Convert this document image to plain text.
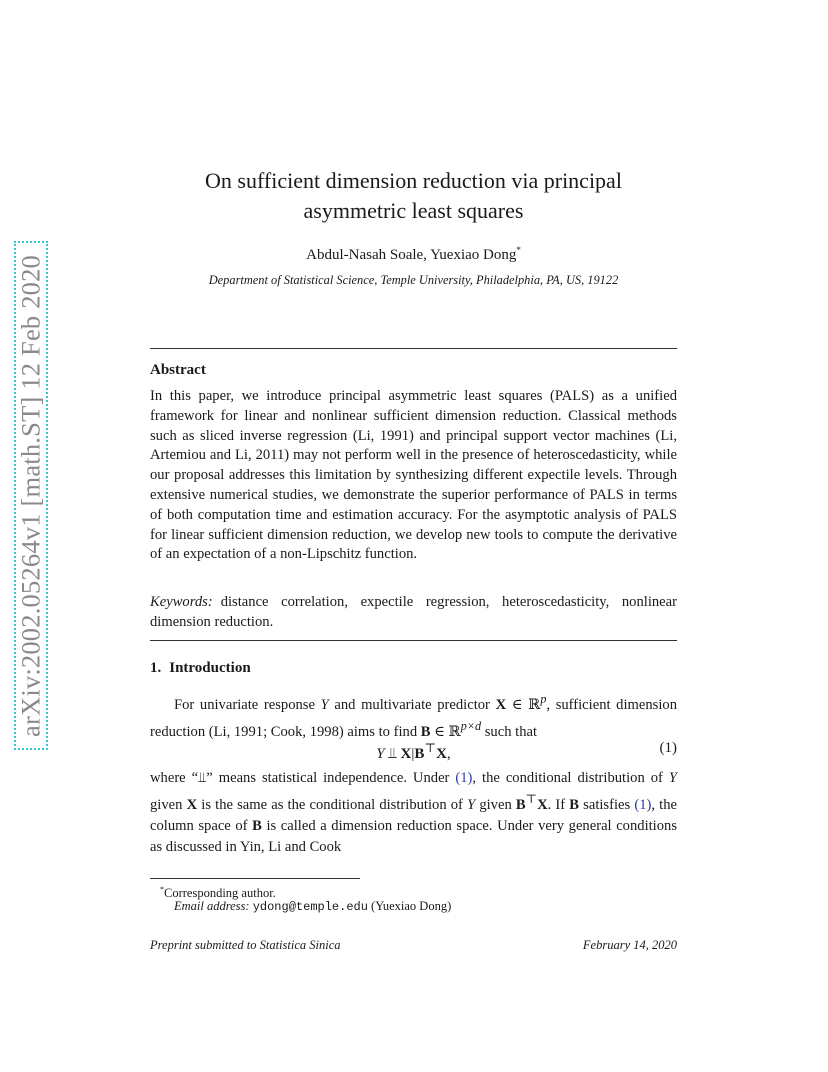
arXiv:2002.05264v1 [math.ST] 12 Feb 2020
On sufficient dimension reduction via principal
asymmetric least squares
Abdul-Nasah Soale, Yuexiao Dong*
Department of Statistical Science, Temple University, Philadelphia, PA, US, 19122
Abstract
In this paper, we introduce principal asymmetric least squares (PALS) as a unified framework for linear and nonlinear sufficient dimension reduction. Classical methods such as sliced inverse regression (Li, 1991) and principal support vector machines (Li, Artemiou and Li, 2011) may not perform well in the presence of heteroscedasticity, while our proposal addresses this limitation by synthesizing different expectile levels. Through extensive numerical studies, we demonstrate the superior performance of PALS in terms of both computation time and estimation accuracy. For the asymptotic analysis of PALS for linear sufficient dimension reduction, we develop new tools to compute the derivative of an expectation of a non-Lipschitz function.
Keywords: distance correlation, expectile regression, heteroscedasticity, nonlinear dimension reduction.
1. Introduction
For univariate response Y and multivariate predictor X ∈ ℝ$^p$, sufficient dimension reduction (Li, 1991; Cook, 1998) aims to find B ∈ ℝ$^{p\times d}$ such that
Y ⫫ X|B⊤X,	(1)
where “⫫” means statistical independence. Under (1), the conditional distribution of Y given X is the same as the conditional distribution of Y given B⊤X. If B satisfies (1), the column space of B is called a dimension reduction space. Under very general conditions as discussed in Yin, Li and Cook
*Corresponding author.
Email address: ydong@temple.edu (Yuexiao Dong)
Preprint submitted to Statistica Sinica	February 14, 2020
